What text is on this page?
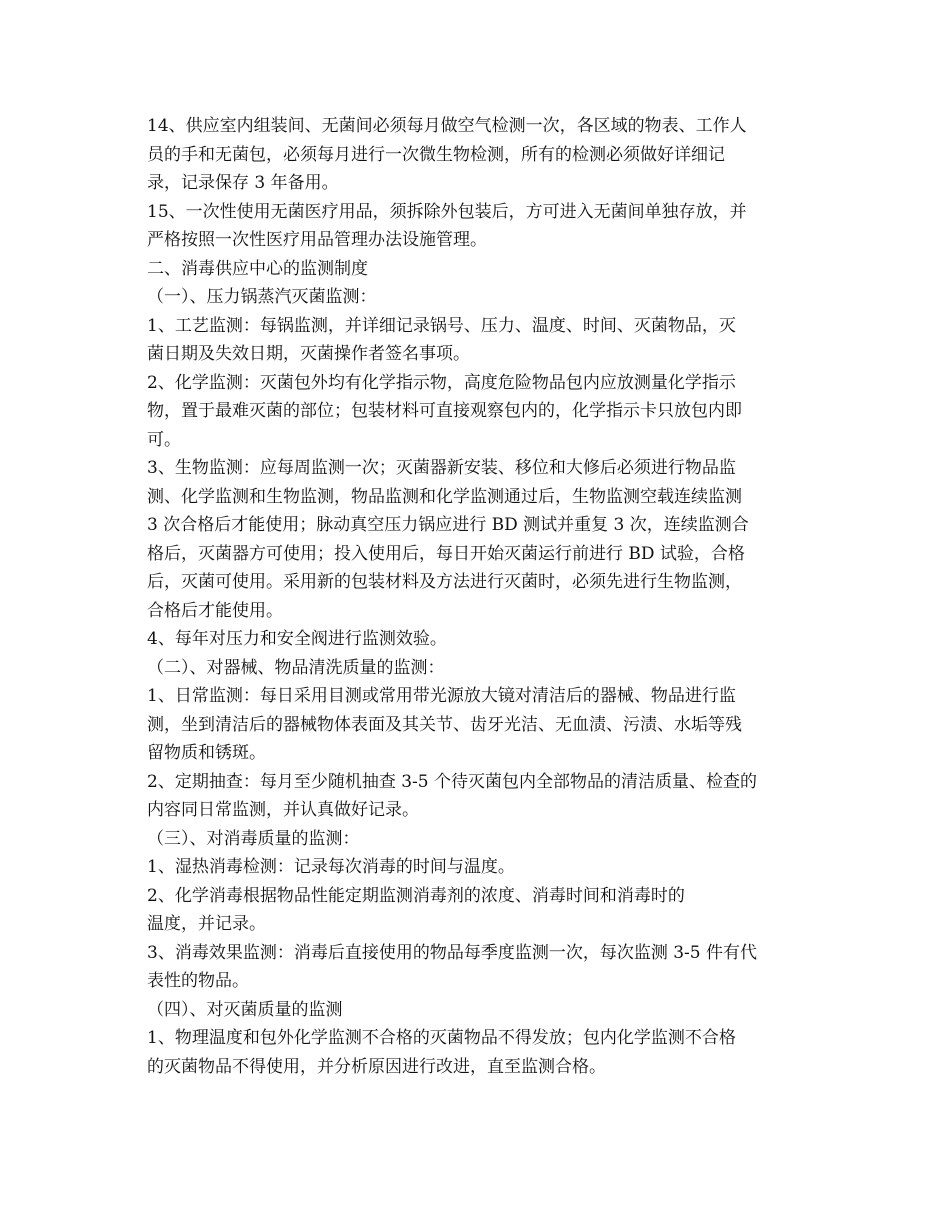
14、供应室内组装间、无菌间必须每月做空气检测一次，各区域的物表、工作人
员的手和无菌包，必须每月进行一次微生物检测，所有的检测必须做好详细记
录，记录保存 3 年备用。
15、一次性使用无菌医疗用品，须拆除外包装后，方可进入无菌间单独存放，并
严格按照一次性医疗用品管理办法设施管理。
二、消毒供应中心的监测制度
（一）、压力锅蒸汽灭菌监测：
1、工艺监测：每锅监测，并详细记录锅号、压力、温度、时间、灭菌物品，灭
菌日期及失效日期，灭菌操作者签名事项。
2、化学监测：灭菌包外均有化学指示物，高度危险物品包内应放测量化学指示
物，置于最难灭菌的部位；包装材料可直接观察包内的，化学指示卡只放包内即
可。
3、生物监测：应每周监测一次；灭菌器新安装、移位和大修后必须进行物品监
测、化学监测和生物监测，物品监测和化学监测通过后，生物监测空载连续监测
3 次合格后才能使用；脉动真空压力锅应进行 BD 测试并重复 3 次，连续监测合
格后，灭菌器方可使用；投入使用后，每日开始灭菌运行前进行 BD 试验，合格
后，灭菌可使用。采用新的包装材料及方法进行灭菌时，必须先进行生物监测，
合格后才能使用。
4、每年对压力和安全阀进行监测效验。
（二）、对器械、物品清洗质量的监测：
1、日常监测：每日采用目测或常用带光源放大镜对清洁后的器械、物品进行监
测，坐到清洁后的器械物体表面及其关节、齿牙光洁、无血渍、污渍、水垢等残
留物质和锈斑。
2、定期抽查：每月至少随机抽查 3-5 个待灭菌包内全部物品的清洁质量、检查的
内容同日常监测，并认真做好记录。
（三）、对消毒质量的监测：
1、湿热消毒检测：记录每次消毒的时间与温度。
2、化学消毒根据物品性能定期监测消毒剂的浓度、消毒时间和消毒时的
温度，并记录。
3、消毒效果监测：消毒后直接使用的物品每季度监测一次，每次监测 3-5 件有代
表性的物品。
（四）、对灭菌质量的监测
1、物理温度和包外化学监测不合格的灭菌物品不得发放；包内化学监测不合格
的灭菌物品不得使用，并分析原因进行改进，直至监测合格。
